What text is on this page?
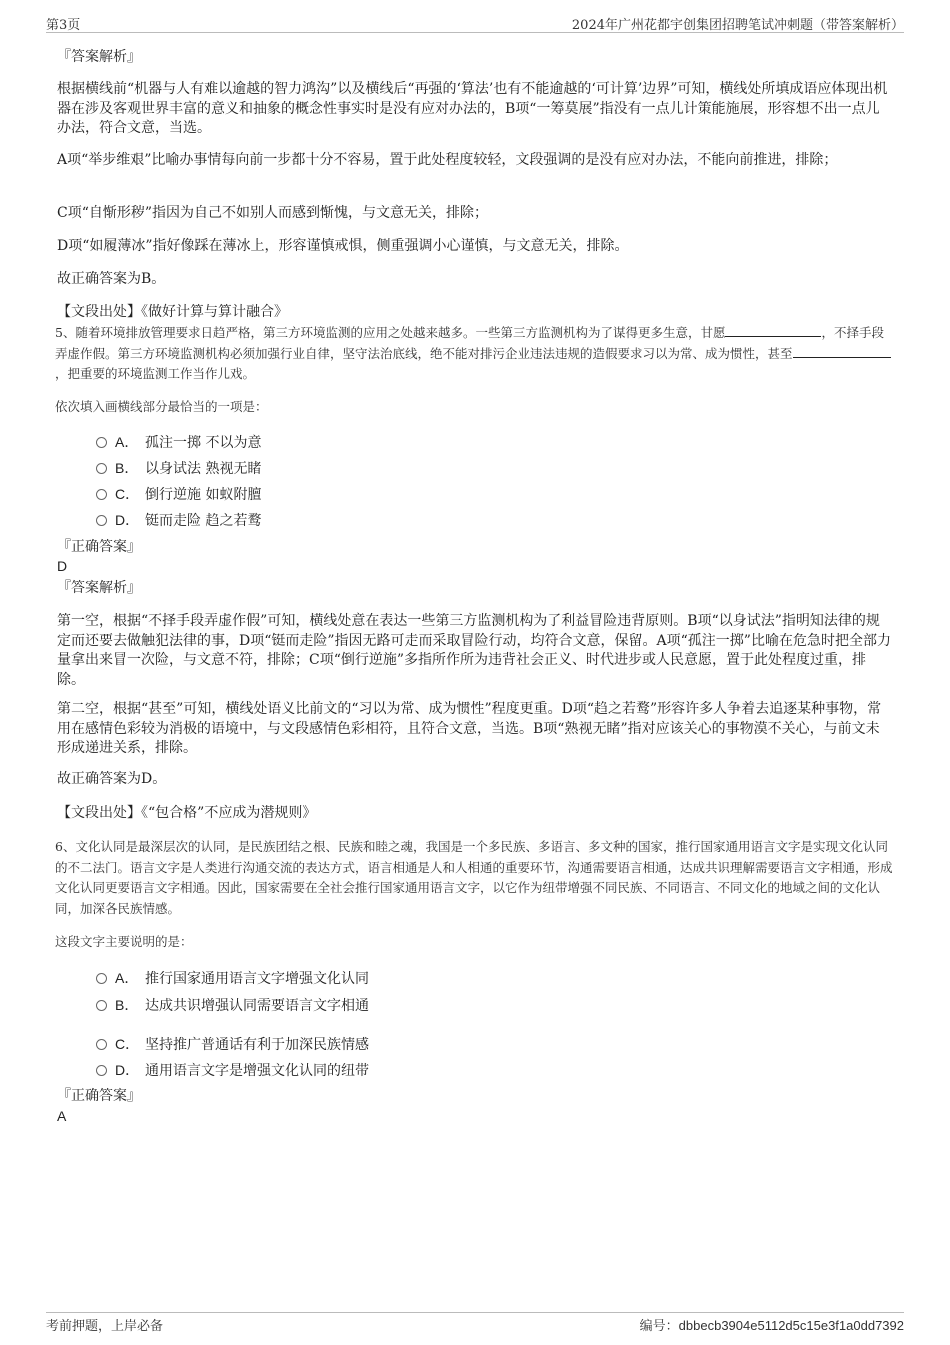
第3页	2024年广州花都宇创集团招聘笔试冲刺题（带答案解析）
『答案解析』
根据横线前“机器与人有难以逾越的智力鸿沟”以及横线后“再强的‘算法’也有不能逾越的‘可计算’边界”可知，横线处所填成语应体现出机器在涉及客观世界丰富的意义和抽象的概念性事实时是没有应对办法的，B项“一筹莫展”指没有一点儿计策能施展，形容想不出一点儿办法，符合文意，当选。
A项“举步维艰”比喻办事情每向前一步都十分不容易，置于此处程度较轻，文段强调的是没有应对办法，不能向前推进，排除；
C项“自惭形秽”指因为自己不如别人而感到惭愧，与文意无关，排除；
D项“如履薄冰”指好像踩在薄冰上，形容谨慎戒惧，侧重强调小心谨慎，与文意无关，排除。
故正确答案为B。
【文段出处】《做好计算与算计融合》
5、随着环境排放管理要求日趋严格，第三方环境监测的应用之处越来越多。一些第三方监测机构为了谋得更多生意，甘愿	，不择手段弄虚作假。第三方环境监测机构必须加强行业自律，坚守法治底线，绝不能对排污企业违法违规的造假要求习以为常、成为惯性，甚至，把重要的环境监测工作当作儿戏。
依次填入画横线部分最恰当的一项是：
A． 孤注一掷 不以为意
B． 以身试法 熟视无睹
C． 倒行逆施 如蚁附膻
D． 铤而走险 趋之若鹜
『正确答案』
D
『答案解析』
第一空，根据“不择手段弄虚作假”可知，横线处意在表达一些第三方监测机构为了利益冒险违背原则。B项“以身试法”指明知法律的规定而还要去做触犯法律的事，D项“铤而走险”指因无路可走而采取冒险行动，均符合文意，保留。A项“孤注一掷”比喻在危急时把全部力量拿出来冒一次险，与文意不符，排除；C项“倒行逆施”多指所作所为违背社会正义、时代进步或人民意愿，置于此处程度过重，排除。
第二空，根据“甚至”可知，横线处语义比前文的“习以为常、成为惯性”程度更重。D项“趋之若鹜”形容许多人争着去追逐某种事物，常用在感情色彩较为消极的语境中，与文段感情色彩相符，且符合文意，当选。B项“熟视无睹”指对应该关心的事物漠不关心，与前文未形成递进关系，排除。
故正确答案为D。
【文段出处】《“包合格”不应成为潜规则》
6、文化认同是最深层次的认同，是民族团结之根、民族和睦之魂，我国是一个多民族、多语言、多文种的国家，推行国家通用语言文字是实现文化认同的不二法门。语言文字是人类进行沟通交流的表达方式，语言相通是人和人相通的重要环节，沟通需要语言相通，达成共识理解需要语言文字相通，形成文化认同更要语言文字相通。因此，国家需要在全社会推行国家通用语言文字，以它作为纽带增强不同民族、不同语言、不同文化的地域之间的文化认同，加深各民族情感。
这段文字主要说明的是：
A． 推行国家通用语言文字增强文化认同
B． 达成共识增强认同需要语言文字相通
C． 坚持推广普通话有利于加深民族情感
D． 通用语言文字是增强文化认同的纽带
『正确答案』
A
考前押题，上岸必备	编号：dbbecb3904e5112d5c15e3f1a0dd7392
